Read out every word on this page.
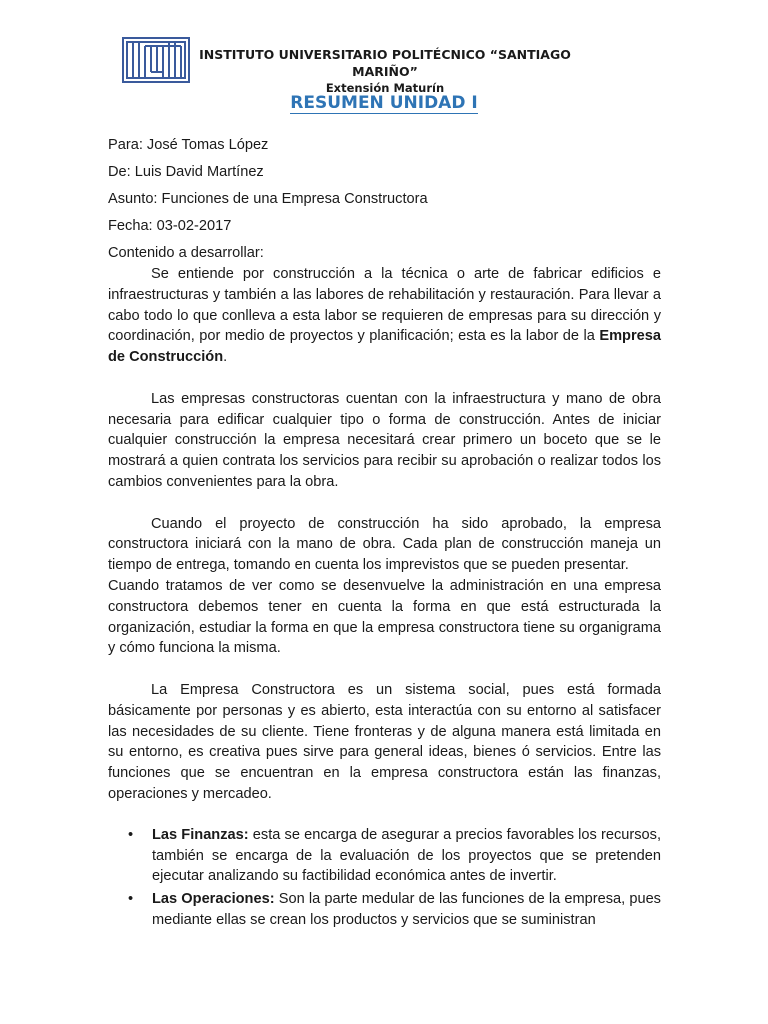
INSTITUTO UNIVERSITARIO POLITÉCNICO “SANTIAGO MARIÑO”
Extensión Maturín
RESUMEN UNIDAD I
Para: José Tomas López
De: Luis David Martínez
Asunto: Funciones de una Empresa Constructora
Fecha: 03-02-2017
Contenido a desarrollar:

Se entiende por construcción a la técnica o arte de fabricar edificios e infraestructuras y también a las labores de rehabilitación y restauración. Para llevar a cabo todo lo que conlleva a esta labor se requieren de empresas para su dirección y coordinación, por medio de proyectos y planificación; esta es la labor de la Empresa de Construcción.

Las empresas constructoras cuentan con la infraestructura y mano de obra necesaria para edificar cualquier tipo o forma de construcción. Antes de iniciar cualquier construcción la empresa necesitará crear primero un boceto que se le mostrará a quien contrata los servicios para recibir su aprobación o realizar todos los cambios convenientes para la obra.

Cuando el proyecto de construcción ha sido aprobado, la empresa constructora iniciará con la mano de obra. Cada plan de construcción maneja un tiempo de entrega, tomando en cuenta los imprevistos que se pueden presentar.

Cuando tratamos de ver como se desenvuelve la administración en una empresa constructora debemos tener en cuenta la forma en que está estructurada la organización, estudiar la forma en que la empresa constructora tiene su organigrama y cómo funciona la misma.

La Empresa Constructora es un sistema social, pues está formada básicamente por personas y es abierto, esta interactúa con su entorno al satisfacer las necesidades de su cliente. Tiene fronteras y de alguna manera está limitada en su entorno, es creativa pues sirve para general ideas, bienes ó servicios. Entre las funciones que se encuentran en la empresa constructora están las finanzas, operaciones y mercadeo.

• Las Finanzas: esta se encarga de asegurar a precios favorables los recursos, también se encarga de la evaluación de los proyectos que se pretenden ejecutar analizando su factibilidad económica antes de invertir.
• Las Operaciones: Son la parte medular de las funciones de la empresa, pues mediante ellas se crean los productos y servicios que se suministran
